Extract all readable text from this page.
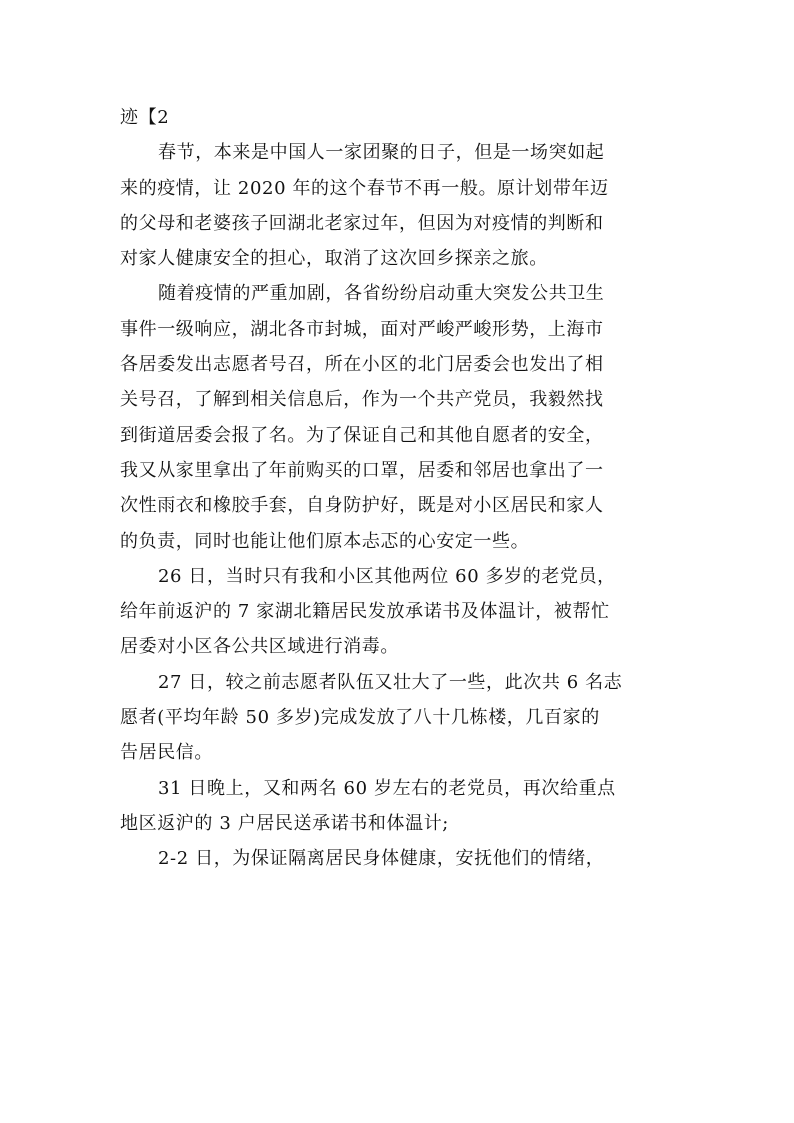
迹【2
春节，本来是中国人一家团聚的日子，但是一场突如起
来的疫情，让 2020 年的这个春节不再一般。原计划带年迈
的父母和老婆孩子回湖北老家过年，但因为对疫情的判断和
对家人健康安全的担心，取消了这次回乡探亲之旅。
随着疫情的严重加剧，各省纷纷启动重大突发公共卫生
事件一级响应，湖北各市封城，面对严峻严峻形势，上海市
各居委发出志愿者号召，所在小区的北门居委会也发出了相
关号召，了解到相关信息后，作为一个共产党员，我毅然找
到街道居委会报了名。为了保证自己和其他自愿者的安全，
我又从家里拿出了年前购买的口罩，居委和邻居也拿出了一
次性雨衣和橡胶手套，自身防护好，既是对小区居民和家人
的负责，同时也能让他们原本忐忑的心安定一些。
26 日，当时只有我和小区其他两位 60 多岁的老党员，
给年前返沪的 7 家湖北籍居民发放承诺书及体温计，被帮忙
居委对小区各公共区域进行消毒。
27 日，较之前志愿者队伍又壮大了一些，此次共 6 名志
愿者(平均年龄 50 多岁)完成发放了八十几栋楼，几百家的
告居民信。
31 日晚上，又和两名 60 岁左右的老党员，再次给重点
地区返沪的 3 户居民送承诺书和体温计;
2-2 日，为保证隔离居民身体健康，安抚他们的情绪，
